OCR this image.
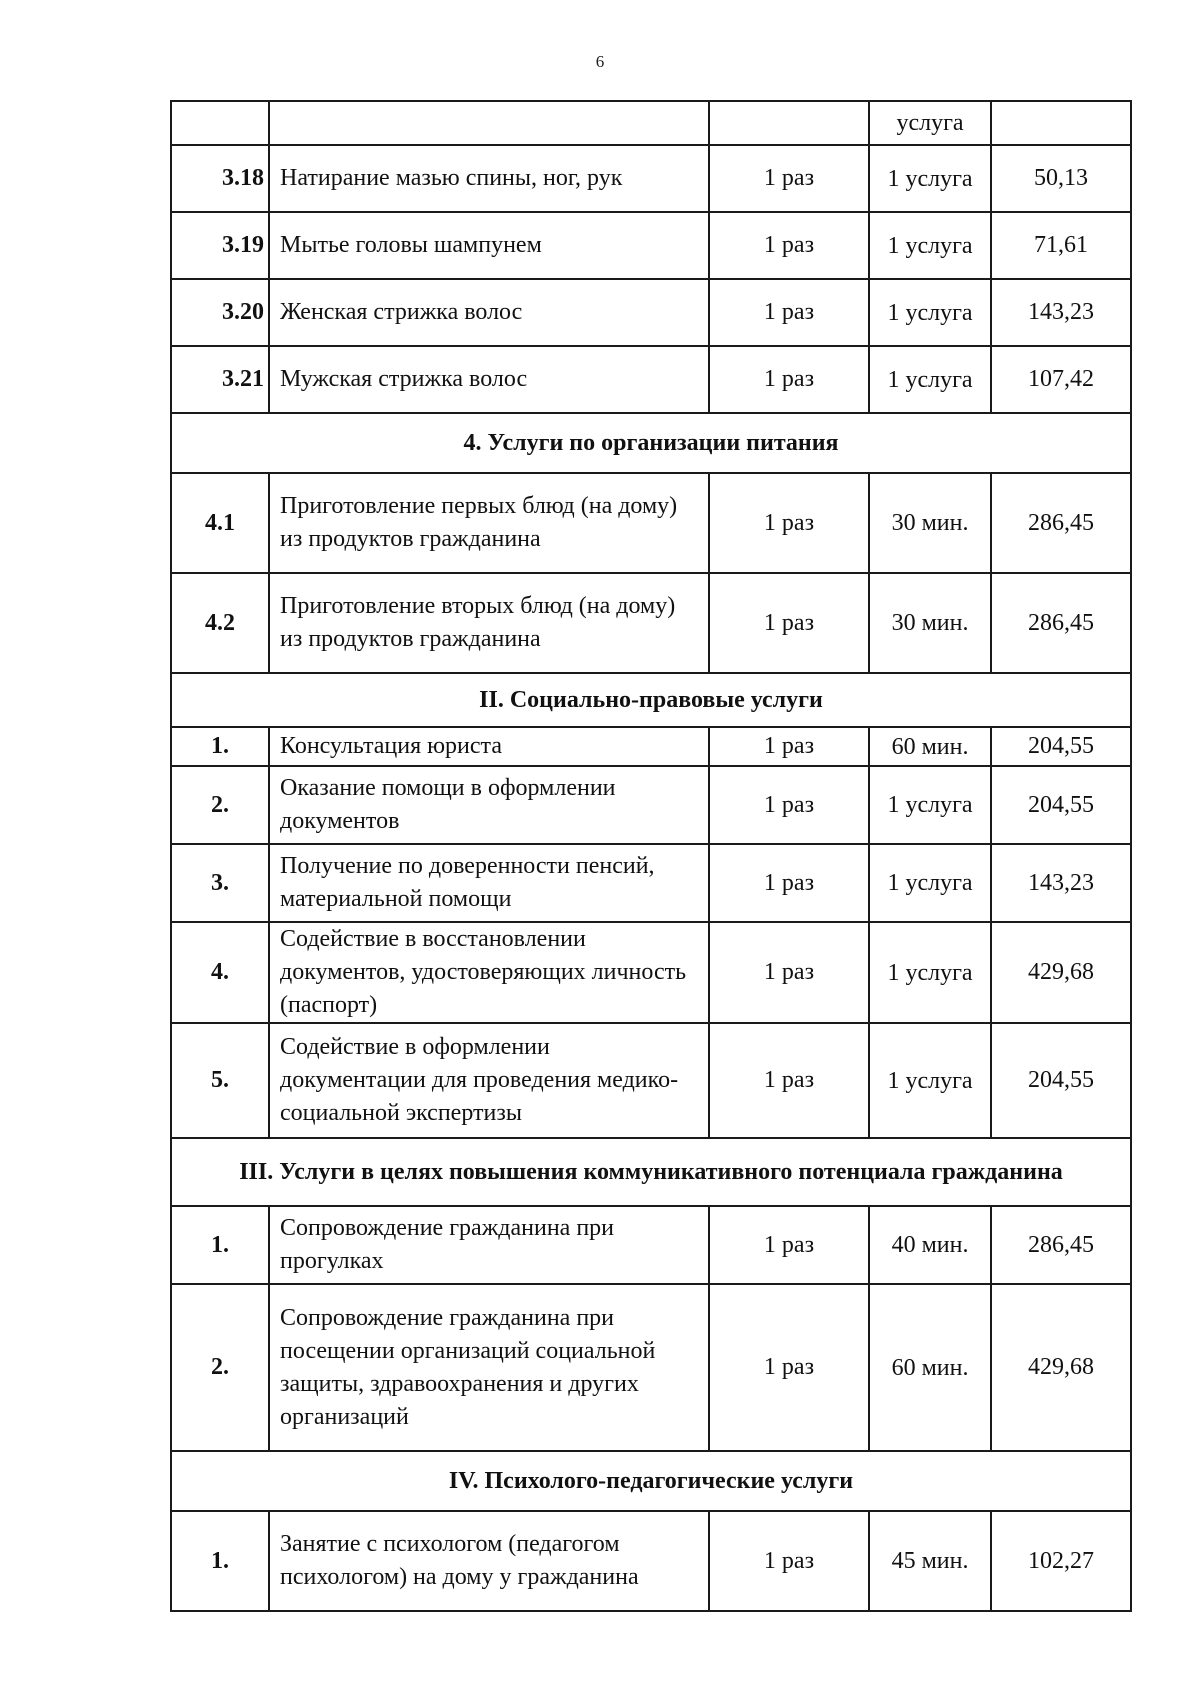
6
			услуга	
3.18	Натирание мазью спины, ног, рук	1 раз	1 услуга	50,13
3.19	Мытье головы шампунем	1 раз	1 услуга	71,61
3.20	Женская стрижка волос	1 раз	1 услуга	143,23
3.21	Мужская стрижка волос	1 раз	1 услуга	107,42
4. Услуги по организации питания				
4.1	Приготовление первых блюд (на дому) из продуктов гражданина	1 раз	30 мин.	286,45
4.2	Приготовление вторых блюд (на дому) из продуктов гражданина	1 раз	30 мин.	286,45
II. Социально-правовые услуги				
1.	Консультация юриста	1 раз	60 мин.	204,55
2.	Оказание помощи в оформлении документов	1 раз	1 услуга	204,55
3.	Получение по доверенности пенсий, материальной помощи	1 раз	1 услуга	143,23
4.	Содействие в восстановлении документов, удостоверяющих личность (паспорт)	1 раз	1 услуга	429,68
5.	Содействие в оформлении документации для проведения медико-социальной экспертизы	1 раз	1 услуга	204,55
III. Услуги в целях повышения коммуникативного потенциала гражданина				
1.	Сопровождение гражданина при прогулках	1 раз	40 мин.	286,45
2.	Сопровождение гражданина при посещении организаций социальной защиты, здравоохранения и других организаций	1 раз	60 мин.	429,68
IV. Психолого-педагогические услуги				
1.	Занятие с психологом (педагогом психологом) на дому у гражданина	1 раз	45 мин.	102,27
